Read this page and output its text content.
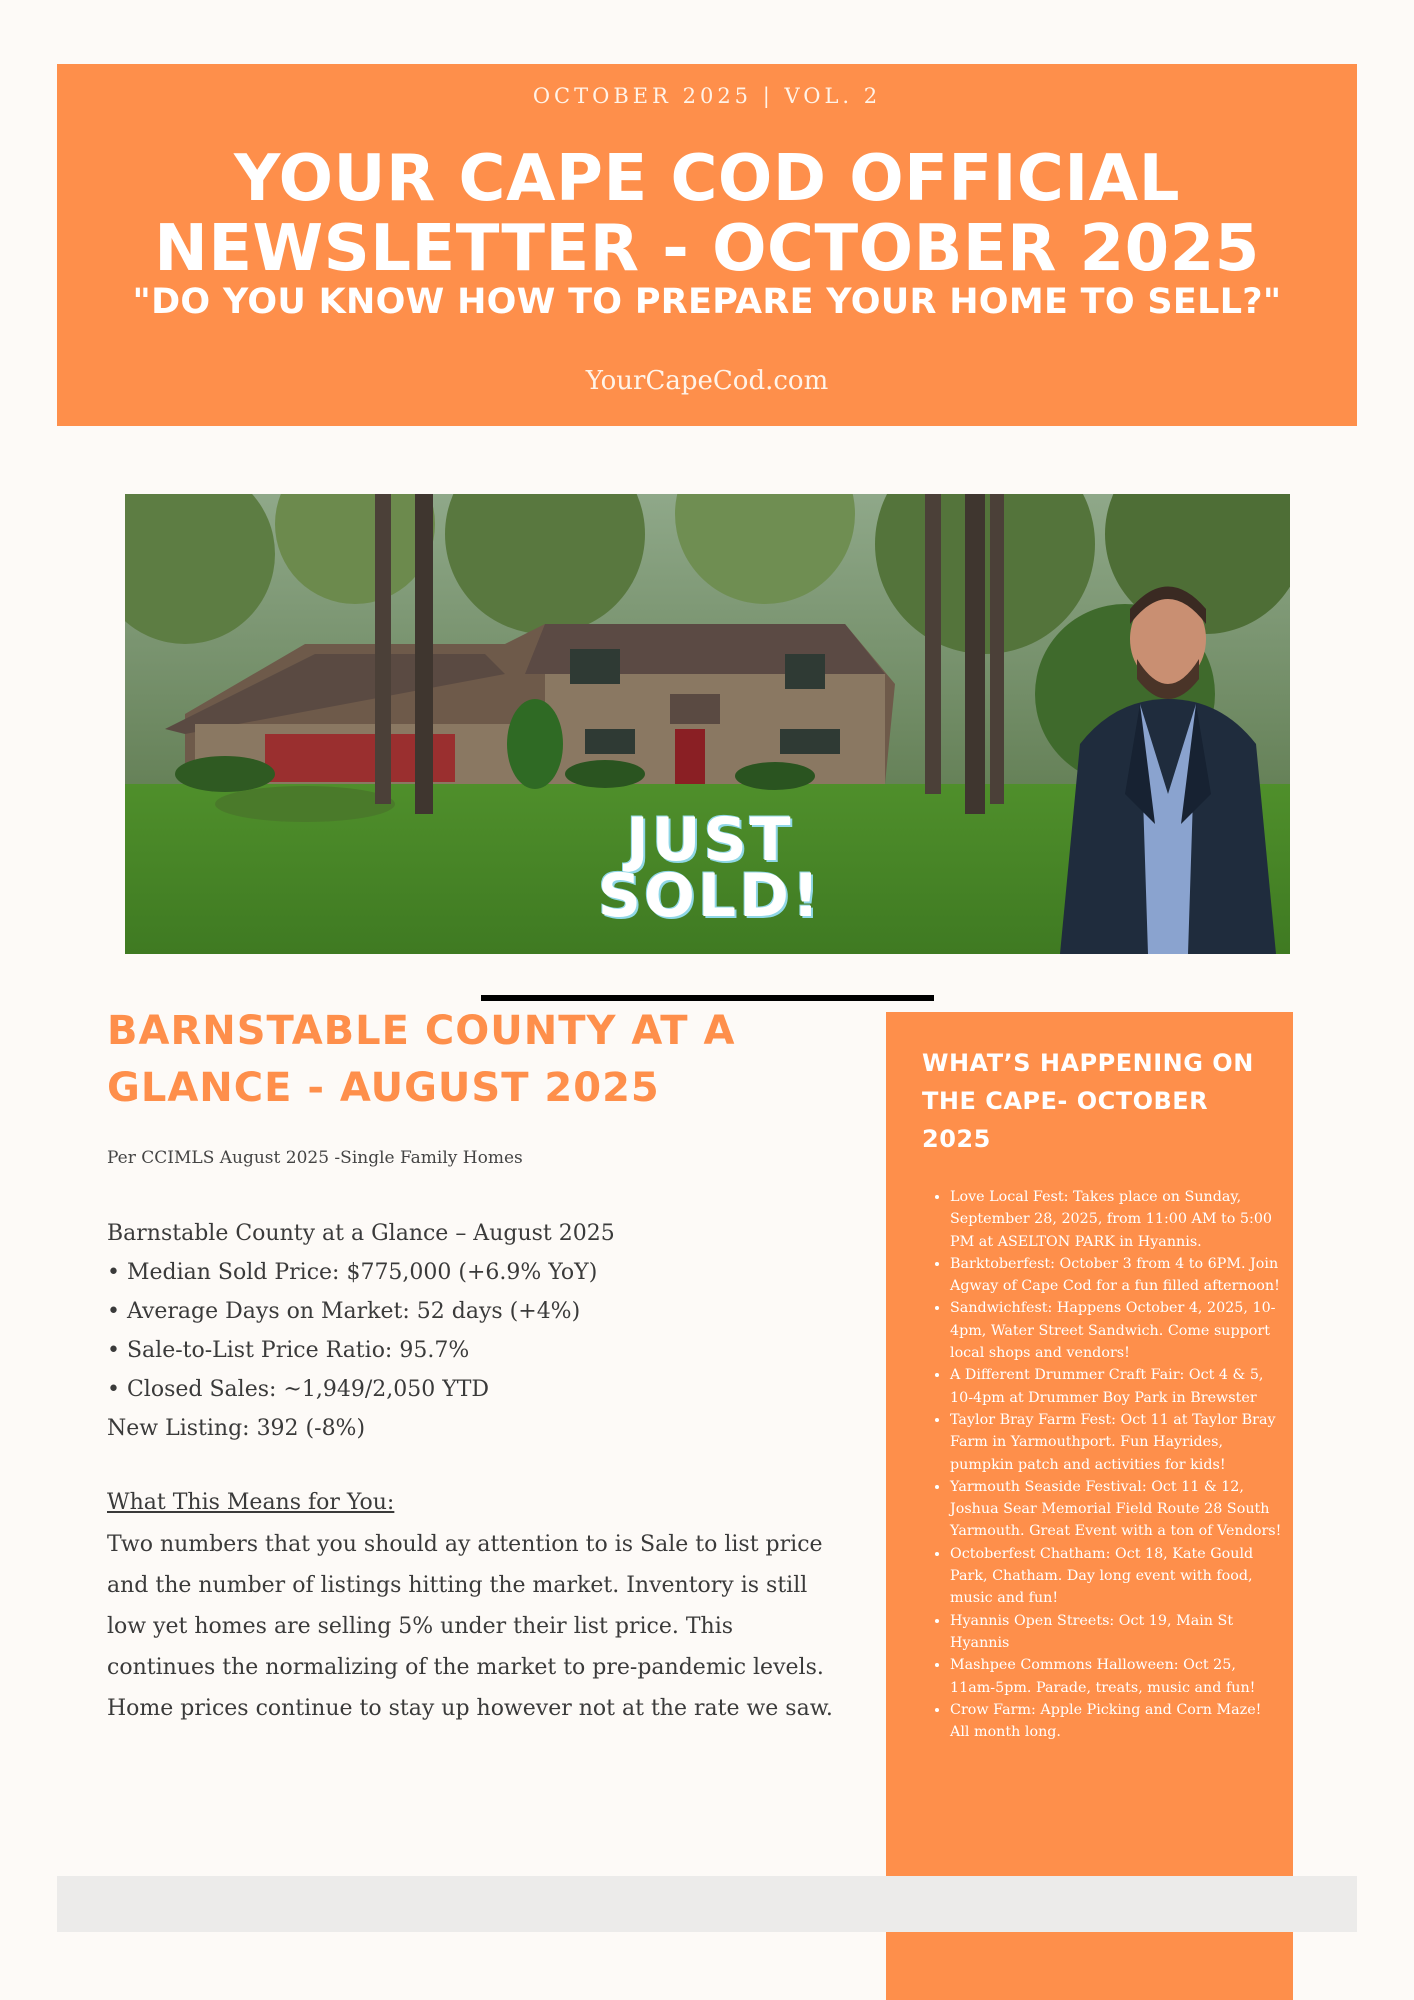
OCTOBER 2025 | VOL. 2
YOUR CAPE COD OFFICIAL
NEWSLETTER - OCTOBER 2025
"DO YOU KNOW HOW TO PREPARE YOUR HOME TO SELL?"
YourCapeCod.com
JUST
SOLD!
BARNSTABLE COUNTY AT A GLANCE - AUGUST 2025
Per CCIMLS August 2025 -Single Family Homes
Barnstable County at a Glance – August 2025
• Median Sold Price: $775,000 (+6.9% YoY)
• Average Days on Market: 52 days (+4%)
• Sale-to-List Price Ratio: 95.7%
• Closed Sales: ~1,949/2,050 YTD
New Listing: 392 (-8%)
What This Means for You:
Two numbers that you should ay attention to is Sale to list price and the number of listings hitting the market. Inventory is still low yet homes are selling 5% under their list price. This continues the normalizing of the market to pre-pandemic levels. Home prices continue to stay up however not at the rate we saw.
WHAT’S HAPPENING ON THE CAPE- OCTOBER 2025
• Love Local Fest: Takes place on Sunday, September 28, 2025, from 11:00 AM to 5:00 PM at ASELTON PARK in Hyannis.
• Barktoberfest: October 3 from 4 to 6PM. Join Agway of Cape Cod for a fun filled afternoon!
• Sandwichfest: Happens October 4, 2025, 10-4pm, Water Street Sandwich. Come support local shops and vendors!
• A Different Drummer Craft Fair: Oct 4 & 5, 10-4pm at Drummer Boy Park in Brewster
• Taylor Bray Farm Fest: Oct 11 at Taylor Bray Farm in Yarmouthport. Fun Hayrides, pumpkin patch and activities for kids!
• Yarmouth Seaside Festival: Oct 11 & 12, Joshua Sear Memorial Field Route 28 South Yarmouth. Great Event with a ton of Vendors!
• Octoberfest Chatham: Oct 18, Kate Gould Park, Chatham. Day long event with food, music and fun!
• Hyannis Open Streets: Oct 19, Main St Hyannis
• Mashpee Commons Halloween: Oct 25, 11am-5pm. Parade, treats, music and fun!
• Crow Farm: Apple Picking and Corn Maze! All month long.
